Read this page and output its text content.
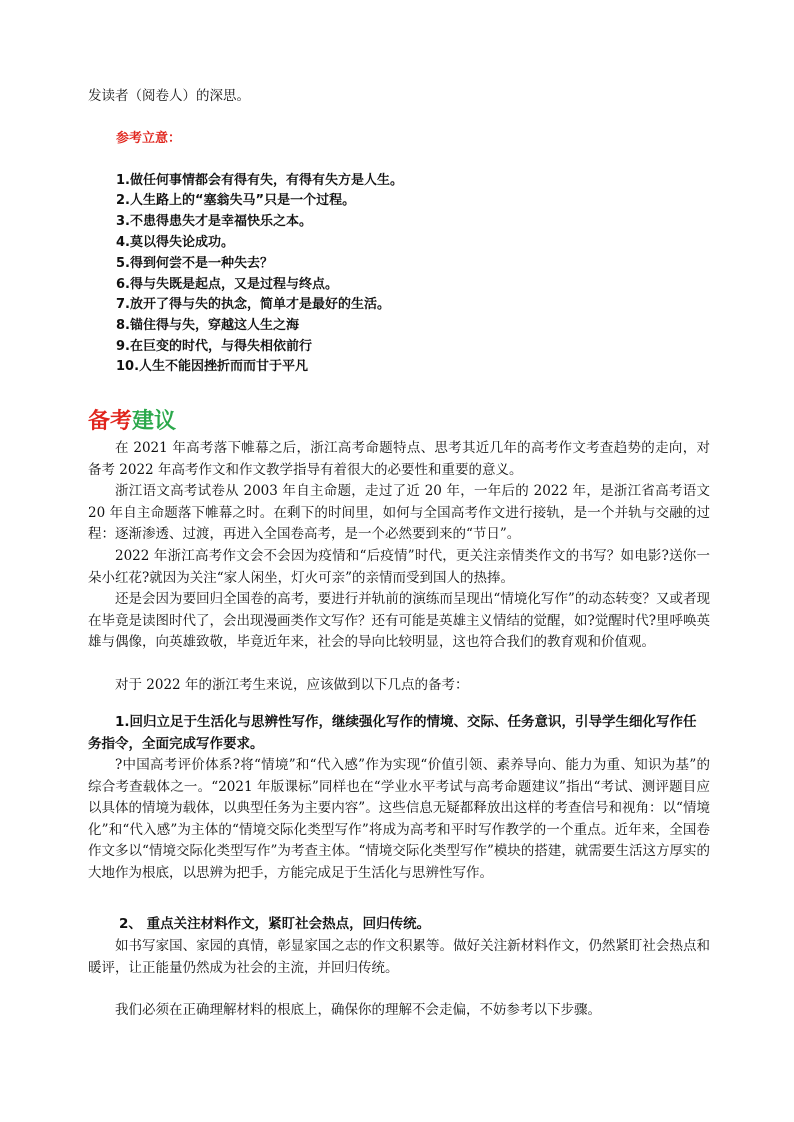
发读者（阅卷人）的深思。

参考立意：

1.做任何事情都会有得有失，有得有失方是人生。

2.人生路上的“塞翁失马”只是一个过程。

3.不患得患失才是幸福快乐之本。

4.莫以得失论成功。

5.得到何尝不是一种失去？

6.得与失既是起点，又是过程与终点。

7.放开了得与失的执念，简单才是最好的生活。

8.锚住得与失，穿越这人生之海

9.在巨变的时代，与得失相依前行

10.人生不能因挫折而而甘于平凡

备考建议

在 2021 年高考落下帷幕之后，浙江高考命题特点、思考其近几年的高考作文考查趋势的走向，对备考 2022 年高考作文和作文教学指导有着很大的必要性和重要的意义。

浙江语文高考试卷从 2003 年自主命题，走过了近 20 年，一年后的 2022 年，是浙江省高考语文 20 年自主命题落下帷幕之时。在剩下的时间里，如何与全国高考作文进行接轨，是一个并轨与交融的过程：逐渐渗透、过渡，再进入全国卷高考，是一个必然要到来的“节日”。

2022 年浙江高考作文会不会因为疫情和“后疫情”时代，更关注亲情类作文的书写？如电影?送你一朵小红花?就因为关注“家人闲坐，灯火可亲”的亲情而受到国人的热捧。

还是会因为要回归全国卷的高考，要进行并轨前的演练而呈现出“情境化写作”的动态转变？又或者现在毕竟是读图时代了，会出现漫画类作文写作？还有可能是英雄主义情结的觉醒，如?觉醒时代?里呼唤英雄与偶像，向英雄致敬，毕竟近年来，社会的导向比较明显，这也符合我们的教育观和价值观。

对于 2022 年的浙江考生来说，应该做到以下几点的备考：

1.回归立足于生活化与思辨性写作，继续强化写作的情境、交际、任务意识，引导学生细化写作任务指令，全面完成写作要求。

?中国高考评价体系?将“情境”和“代入感”作为实现“价值引领、素养导向、能力为重、知识为基”的综合考查载体之一。“2021 年版课标”同样也在“学业水平考试与高考命题建议”指出“考试、测评题目应以具体的情境为载体，以典型任务为主要内容”。这些信息无疑都释放出这样的考查信号和视角：以“情境化”和“代入感”为主体的“情境交际化类型写作”将成为高考和平时写作教学的一个重点。近年来，全国卷作文多以“情境交际化类型写作”为考查主体。“情境交际化类型写作”模块的搭建，就需要生活这方厚实的大地作为根底，以思辨为把手，方能完成足于生活化与思辨性写作。

2、 重点关注材料作文，紧盯社会热点，回归传统。

如书写家国、家园的真情，彰显家国之志的作文积累等。做好关注新材料作文，仍然紧盯社会热点和暖评，让正能量仍然成为社会的主流，并回归传统。

我们必须在正确理解材料的根底上，确保你的理解不会走偏，不妨参考以下步骤。
